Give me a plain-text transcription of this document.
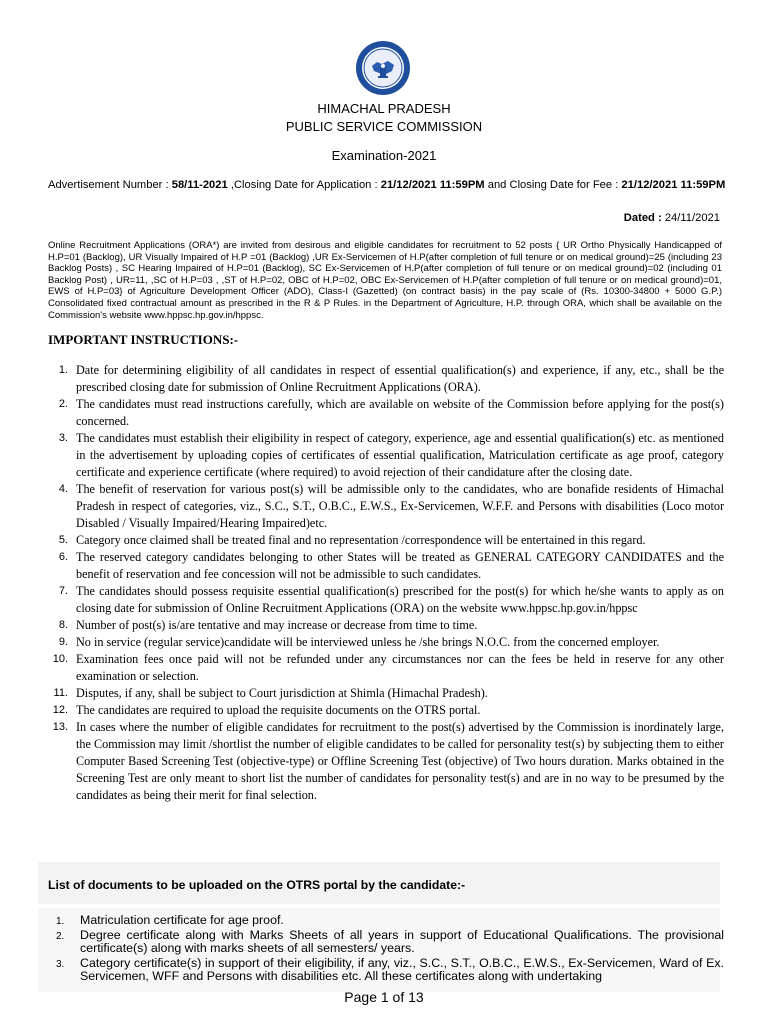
HIMACHAL PRADESH
PUBLIC SERVICE COMMISSION
Examination-2021
Advertisement Number : 58/11-2021 ,Closing Date for Application : 21/12/2021 11:59PM and Closing Date for Fee : 21/12/2021 11:59PM
Dated : 24/11/2021
Online Recruitment Applications (ORA*) are invited from desirous and eligible candidates for recruitment to 52 posts { UR Ortho Physically Handicapped of H.P=01 (Backlog), UR Visually Impaired of H.P =01 (Backlog) ,UR Ex-Servicemen of H.P(after completion of full tenure or on medical ground)=25 (including 23 Backlog Posts) , SC Hearing Impaired of H.P=01 (Backlog), SC Ex-Servicemen of H.P(after completion of full tenure or on medical ground)=02 (including 01 Backlog Post) , UR=11, ,SC of H.P=03 , ,ST of H.P=02, OBC of H.P=02, OBC Ex-Servicemen of H.P(after completion of full tenure or on medical ground)=01, EWS of H.P=03} of Agriculture Development Officer (ADO), Class-I (Gazetted) (on contract basis) in the pay scale of (Rs. 10300-34800 + 5000 G.P.) Consolidated fixed contractual amount as prescribed in the R & P Rules. in the Department of Agriculture, H.P. through ORA, which shall be available on the Commission's website www.hppsc.hp.gov.in/hppsc.
IMPORTANT INSTRUCTIONS:-
1. Date for determining eligibility of all candidates in respect of essential qualification(s) and experience, if any, etc., shall be the prescribed closing date for submission of Online Recruitment Applications (ORA).
2. The candidates must read instructions carefully, which are available on website of the Commission before applying for the post(s) concerned.
3. The candidates must establish their eligibility in respect of category, experience, age and essential qualification(s) etc. as mentioned in the advertisement by uploading copies of certificates of essential qualification, Matriculation certificate as age proof, category certificate and experience certificate (where required) to avoid rejection of their candidature after the closing date.
4. The benefit of reservation for various post(s) will be admissible only to the candidates, who are bonafide residents of Himachal Pradesh in respect of categories, viz., S.C., S.T., O.B.C., E.W.S., Ex-Servicemen, W.F.F. and Persons with disabilities (Loco motor Disabled / Visually Impaired/Hearing Impaired)etc.
5. Category once claimed shall be treated final and no representation /correspondence will be entertained in this regard.
6. The reserved category candidates belonging to other States will be treated as GENERAL CATEGORY CANDIDATES and the benefit of reservation and fee concession will not be admissible to such candidates.
7. The candidates should possess requisite essential qualification(s) prescribed for the post(s) for which he/she wants to apply as on closing date for submission of Online Recruitment Applications (ORA) on the website www.hppsc.hp.gov.in/hppsc
8. Number of post(s) is/are tentative and may increase or decrease from time to time.
9. No in service (regular service)candidate will be interviewed unless he /she brings N.O.C. from the concerned employer.
10. Examination fees once paid will not be refunded under any circumstances nor can the fees be held in reserve for any other examination or selection.
11. Disputes, if any, shall be subject to Court jurisdiction at Shimla (Himachal Pradesh).
12. The candidates are required to upload the requisite documents on the OTRS portal.
13. In cases where the number of eligible candidates for recruitment to the post(s) advertised by the Commission is inordinately large, the Commission may limit /shortlist the number of eligible candidates to be called for personality test(s) by subjecting them to either Computer Based Screening Test (objective-type) or Offline Screening Test (objective) of Two hours duration. Marks obtained in the Screening Test are only meant to short list the number of candidates for personality test(s) and are in no way to be presumed by the candidates as being their merit for final selection.
List of documents to be uploaded on the OTRS portal by the candidate:-
1. Matriculation certificate for age proof.
2. Degree certificate along with Marks Sheets of all years in support of Educational Qualifications. The provisional certificate(s) along with marks sheets of all semesters/ years.
3. Category certificate(s) in support of their eligibility, if any, viz., S.C., S.T., O.B.C., E.W.S., Ex-Servicemen, Ward of Ex. Servicemen, WFF and Persons with disabilities etc. All these certificates along with undertaking
Page 1 of 13
